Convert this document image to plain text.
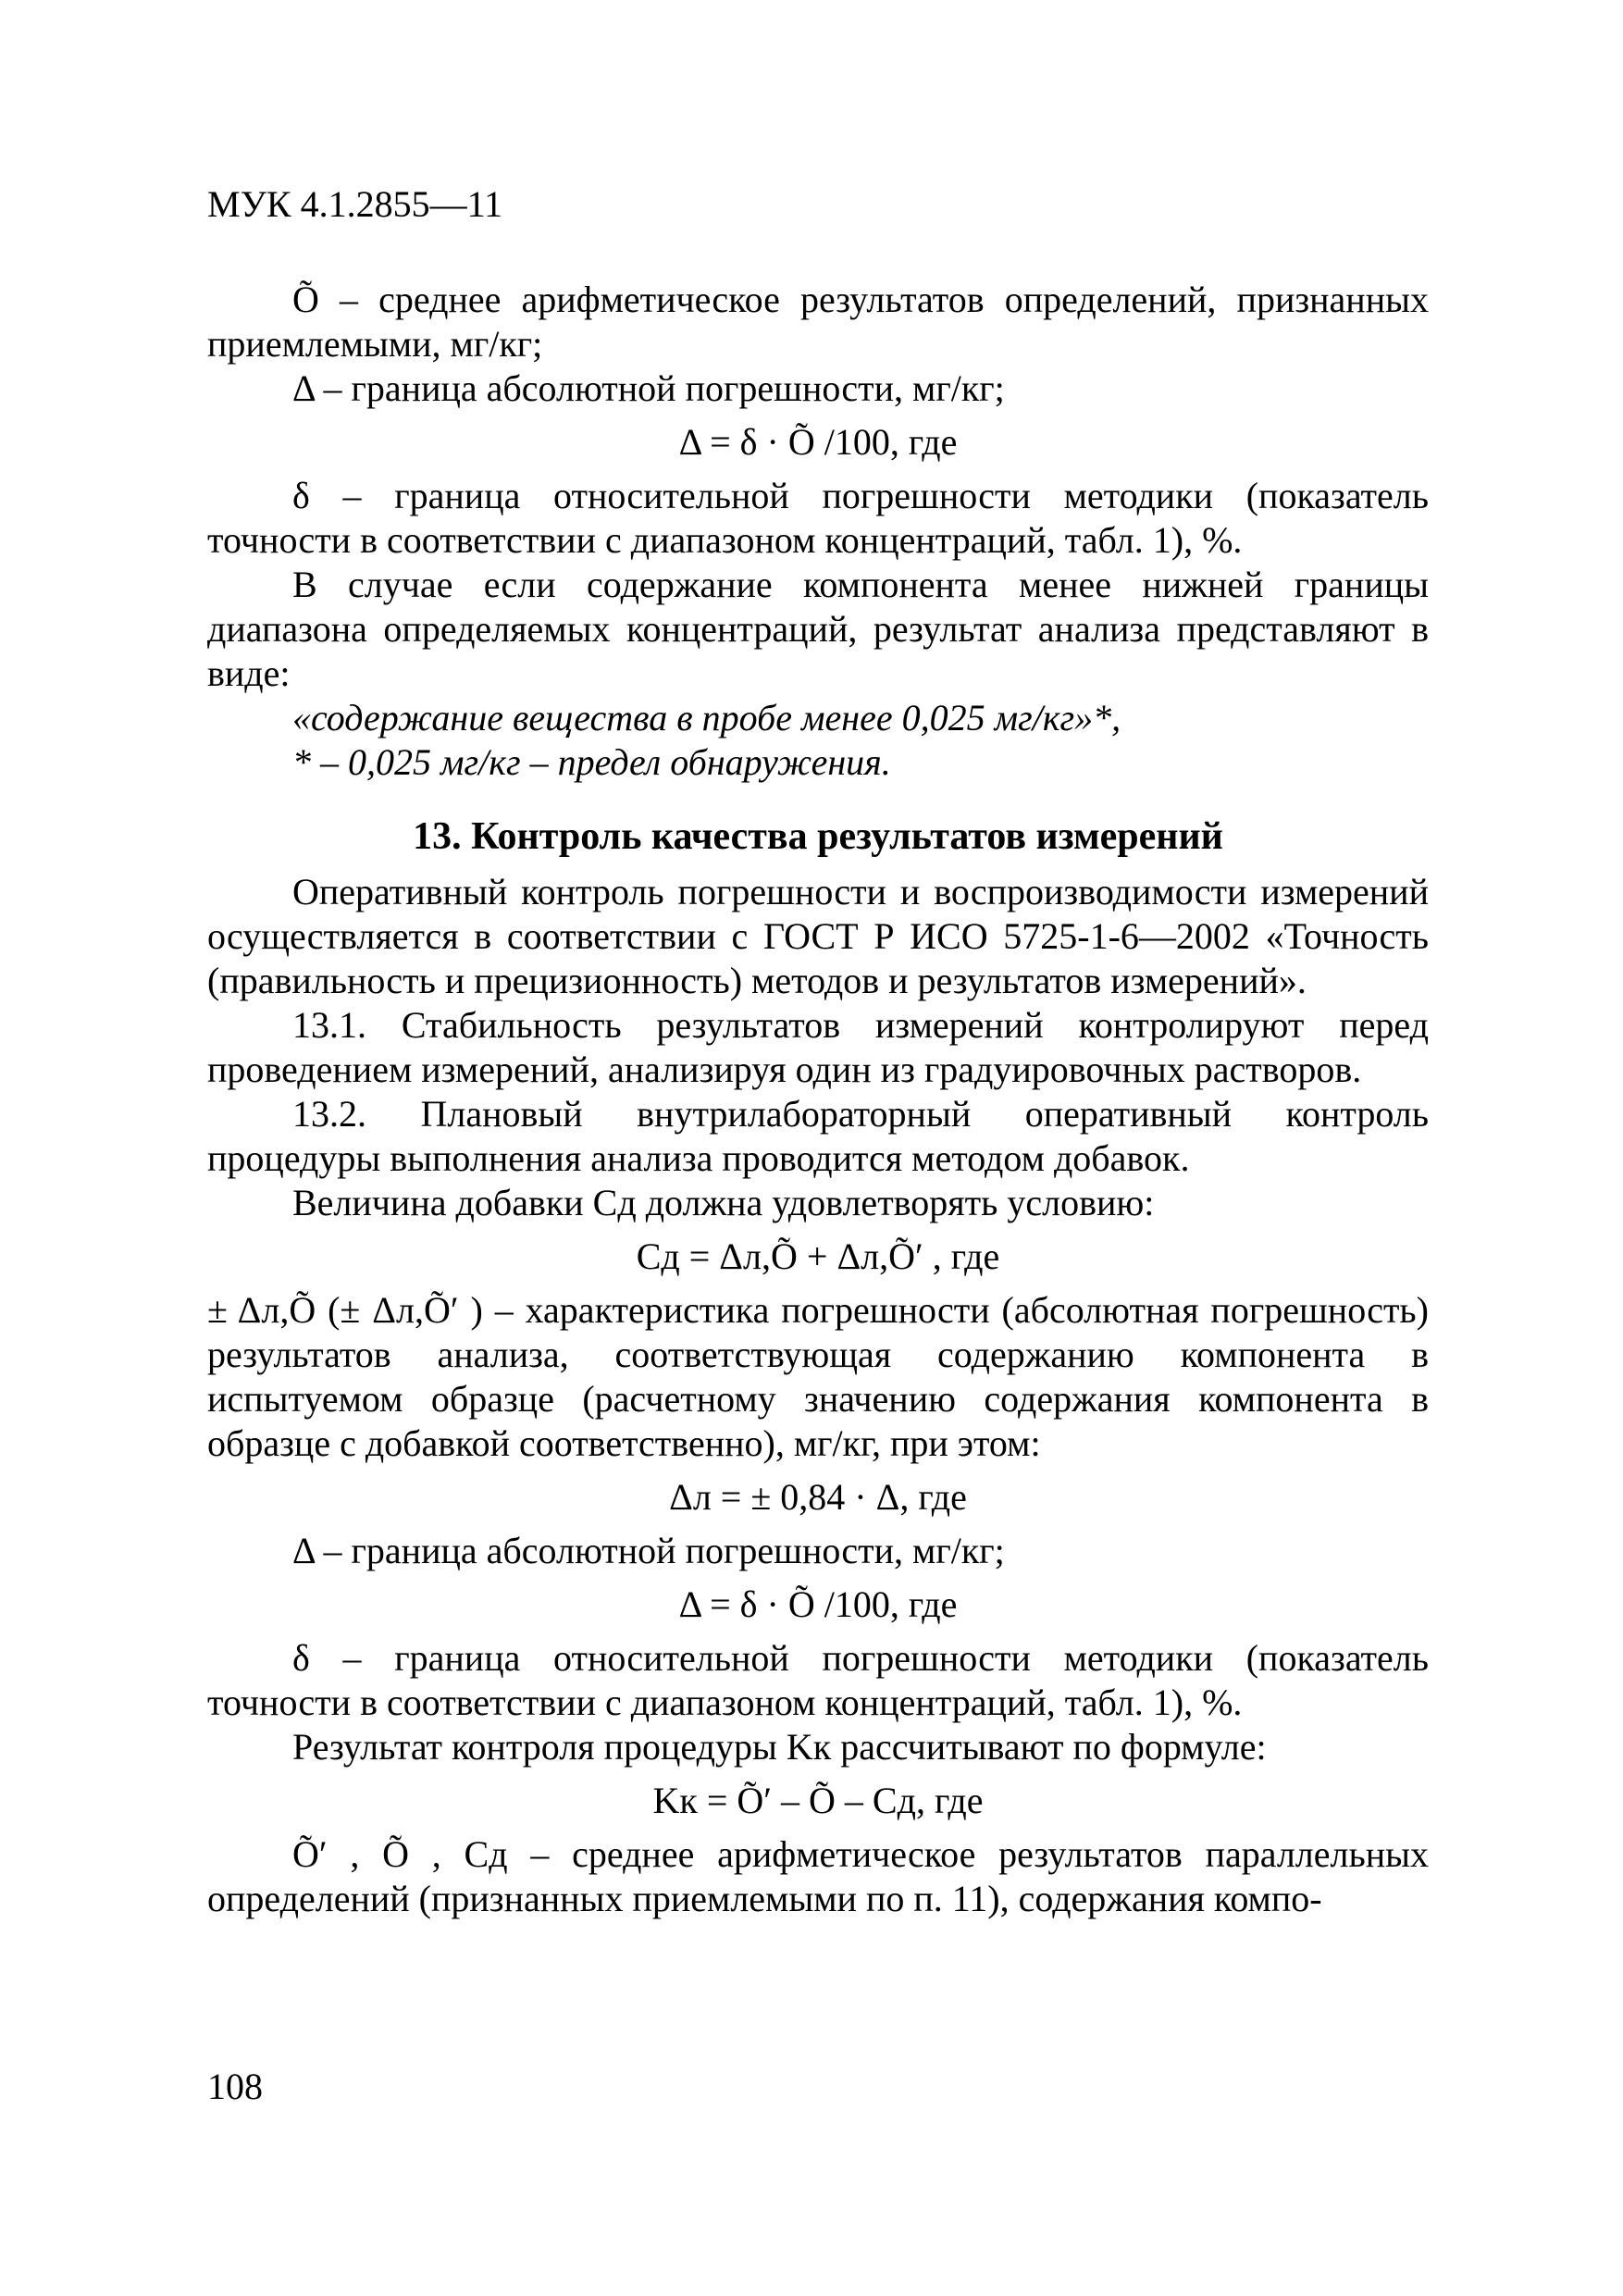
МУК 4.1.2855—11

Õ – среднее арифметическое результатов определений, признанных приемлемыми, мг/кг;

Δ – граница абсолютной погрешности, мг/кг;

Δ = δ · Õ /100, где

δ – граница относительной погрешности методики (показатель точности в соответствии с диапазоном концентраций, табл. 1), %.

В случае если содержание компонента менее нижней границы диапазона определяемых концентраций, результат анализа представляют в виде:

«содержание вещества в пробе менее 0,025 мг/кг»*,

* – 0,025 мг/кг – предел обнаружения.

13. Контроль качества результатов измерений

Оперативный контроль погрешности и воспроизводимости измерений осуществляется в соответствии с ГОСТ Р ИСО 5725-1-6—2002 «Точность (правильность и прецизионность) методов и результатов измерений».

13.1. Стабильность результатов измерений контролируют перед проведением измерений, анализируя один из градуировочных растворов.

13.2. Плановый внутрилабораторный оперативный контроль процедуры выполнения анализа проводится методом добавок.

Величина добавки Cд должна удовлетворять условию:

Cд = Δл,Õ + Δл,Õ′ , где

± Δл,Õ (± Δл,Õ′ ) – характеристика погрешности (абсолютная погрешность) результатов анализа, соответствующая содержанию компонента в испытуемом образце (расчетному значению содержания компонента в образце с добавкой соответственно), мг/кг, при этом:

Δл = ± 0,84 · Δ, где

Δ – граница абсолютной погрешности, мг/кг;

Δ = δ · Õ /100, где

δ – граница относительной погрешности методики (показатель точности в соответствии с диапазоном концентраций, табл. 1), %.

Результат контроля процедуры Kк рассчитывают по формуле:

Kк = Õ′ – Õ – Cд, где

Õ′ , Õ , Cд – среднее арифметическое результатов параллельных определений (признанных приемлемыми по п. 11), содержания компо-

108
